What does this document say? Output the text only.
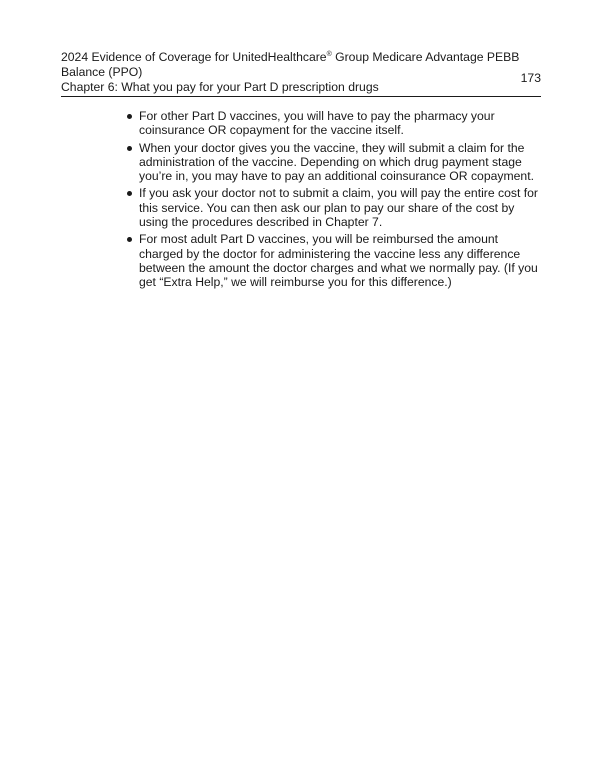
2024 Evidence of Coverage for UnitedHealthcare® Group Medicare Advantage PEBB Balance (PPO)
Chapter 6: What you pay for your Part D prescription drugs
173
For other Part D vaccines, you will have to pay the pharmacy your coinsurance OR copayment for the vaccine itself.
When your doctor gives you the vaccine, they will submit a claim for the administration of the vaccine. Depending on which drug payment stage you’re in, you may have to pay an additional coinsurance OR copayment.
If you ask your doctor not to submit a claim, you will pay the entire cost for this service. You can then ask our plan to pay our share of the cost by using the procedures described in Chapter 7.
For most adult Part D vaccines, you will be reimbursed the amount charged by the doctor for administering the vaccine less any difference between the amount the doctor charges and what we normally pay. (If you get “Extra Help,” we will reimburse you for this difference.)
